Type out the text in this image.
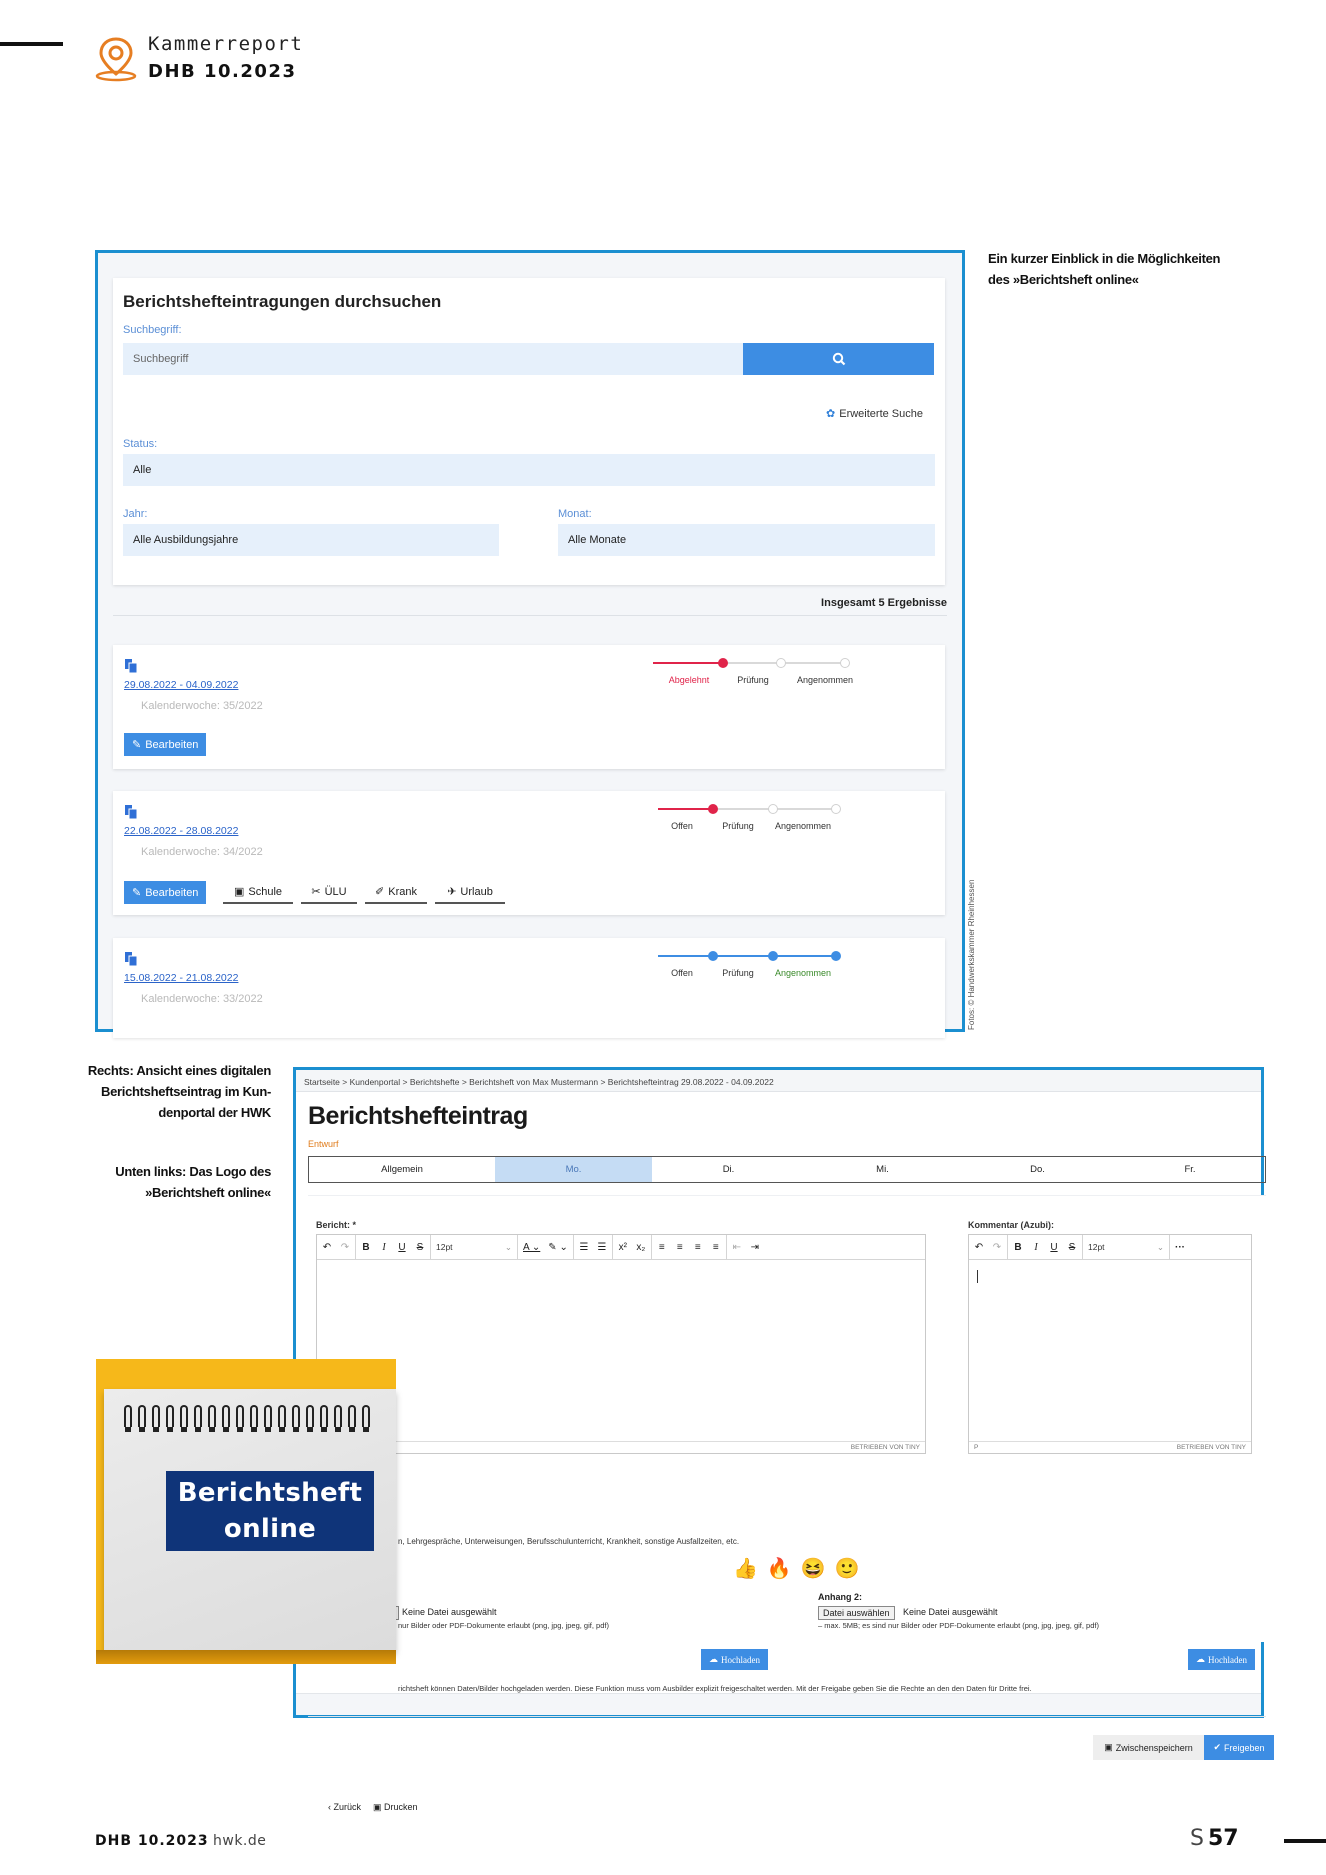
Kammerreport
DHB 10.2023
Berichtsheftеintragungen durchsuchen
Suchbegriff:
Suchbegriff
✿ Erweiterte Suche
Status:
Alle
Jahr:
Alle Ausbildungsjahre
Monat:
Alle Monate
Insgesamt 5 Ergebnisse
29.08.2022 - 04.09.2022
Kalenderwoche: 35/2022
✎ Bearbeiten
Abgelehnt	Prüfung	Angenommen
22.08.2022 - 28.08.2022
Kalenderwoche: 34/2022
✎ Bearbeiten	▣ Schule	✂ ÜLU	✐ Krank	✈ Urlaub
Offen	Prüfung Angenommen
15.08.2022 - 21.08.2022
Kalenderwoche: 33/2022
Offen	Prüfung Angenommen	Fotos: © Handwerkskammer Rheinhessen
Ein kurzer Einblick in die Möglichkeiten
des »Berichtsheft online«
Rechts: Ansicht eines digitalen
Berichtsheftseintrag im Kun-
denportal der HWK
Unten links: Das Logo des
»Berichtsheft online«
Startseite > Kundenportal > Berichtshefte > Berichtsheft von Max Mustermann > Berichtsheftеintrag 29.08.2022 - 04.09.2022
Berichtsheftеintrag
Entwurf
Allgemein	Mo.	Di.	Mi.	Do.	Fr.
Bericht: *
↶ ↷ B	I	U S 12pt	⌄ A ⌄ ✎ ⌄ ☰ ☰ x² x₂ ≡ ≡ ≡ ≡ ⇤ ⇥
BETRIEBEN VON TINY
Kommentar (Azubi):
↶ ↷ B	I	U S 12pt	⌄ ···
P	BETRIEBEN VON TINY
n, Lehrgespräche, Unterweisungen, Berufsschulunterricht, Krankheit, sonstige Ausfallzeiten, etc.
👍 🔥 😆 🙂
Keine Datei ausgewählt
nur Bilder oder PDF-Dokumente erlaubt (png, jpg, jpeg, gif, pdf)
Anhang 2:
Datei auswählen	Keine Datei ausgewählt
– max. 5MB; es sind nur Bilder oder PDF-Dokumente erlaubt (png, jpg, jpeg, gif, pdf)
☁ Hochladen	☁ Hochladen
richtsheft können Daten/Bilder hochgeladen werden. Diese Funktion muss vom Ausbilder explizit freigeschaltet werden. Mit der Freigabe geben Sie die Rechte an den den Daten für Dritte frei.
▣ Zwischenspeichern ✔ Freigeben
‹ Zurück ▣ Drucken
Berichtsheft
online
DHB 10.2023 hwk.de	S 57
